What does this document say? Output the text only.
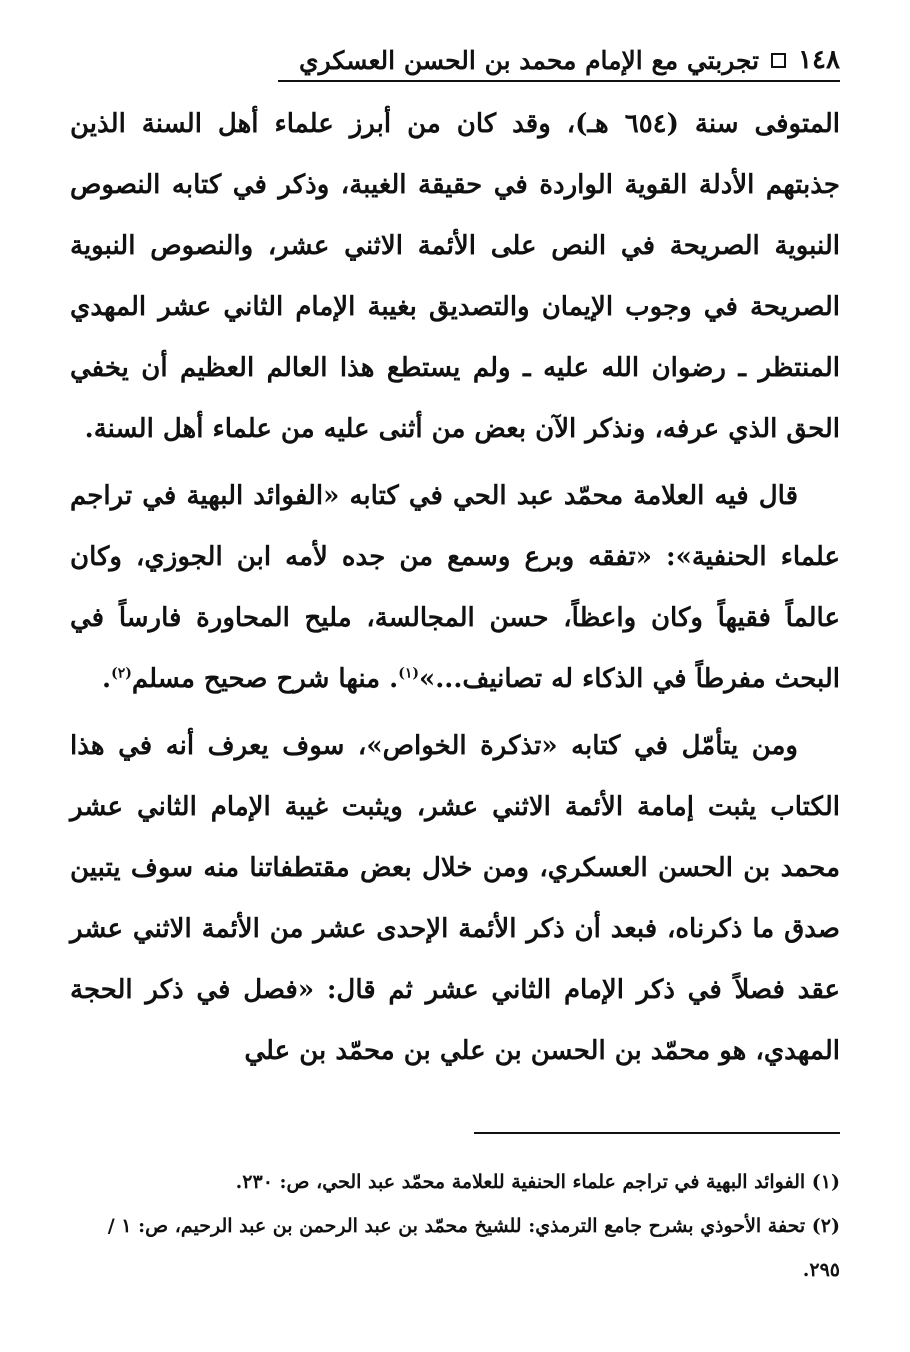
١٤٨
تجربتي مع الإمام محمد بن الحسن العسكري

المتوفى سنة (٦٥٤ هـ)، وقد كان من أبرز علماء أهل السنة الذين جذبتهم الأدلة القوية الواردة في حقيقة الغيبة، وذكر في كتابه النصوص النبوية الصريحة في النص على الأئمة الاثني عشر، والنصوص النبوية الصريحة في وجوب الإيمان والتصديق بغيبة الإمام الثاني عشر المهدي المنتظر ـ رضوان الله عليه ـ ولم يستطع هذا العالم العظيم أن يخفي الحق الذي عرفه، ونذكر الآن بعض من أثنى عليه من علماء أهل السنة.

قال فيه العلامة محمّد عبد الحي في كتابه «الفوائد البهية في تراجم علماء الحنفية»: «تفقه وبرع وسمع من جده لأمه ابن الجوزي، وكان عالماً فقيهاً وكان واعظاً، حسن المجالسة، مليح المحاورة فارساً في البحث مفرطاً في الذكاء له تصانيف...»$^{(١)}$. منها شرح صحيح مسلم$^{(٢)}$.

ومن يتأمّل في كتابه «تذكرة الخواص»، سوف يعرف أنه في هذا الكتاب يثبت إمامة الأئمة الاثني عشر، ويثبت غيبة الإمام الثاني عشر محمد بن الحسن العسكري، ومن خلال بعض مقتطفاتنا منه سوف يتبين صدق ما ذكرناه، فبعد أن ذكر الأئمة الإحدى عشر من الأئمة الاثني عشر عقد فصلاً في ذكر الإمام الثاني عشر ثم قال: «فصل في ذكر الحجة المهدي، هو محمّد بن الحسن بن علي بن محمّد بن علي

(١) الفوائد البهية في تراجم علماء الحنفية للعلامة محمّد عبد الحي، ص: ٢٣٠.

(٢) تحفة الأحوذي بشرح جامع الترمذي: للشيخ محمّد بن عبد الرحمن بن عبد الرحيم، ص: ١ / ٢٩٥.
